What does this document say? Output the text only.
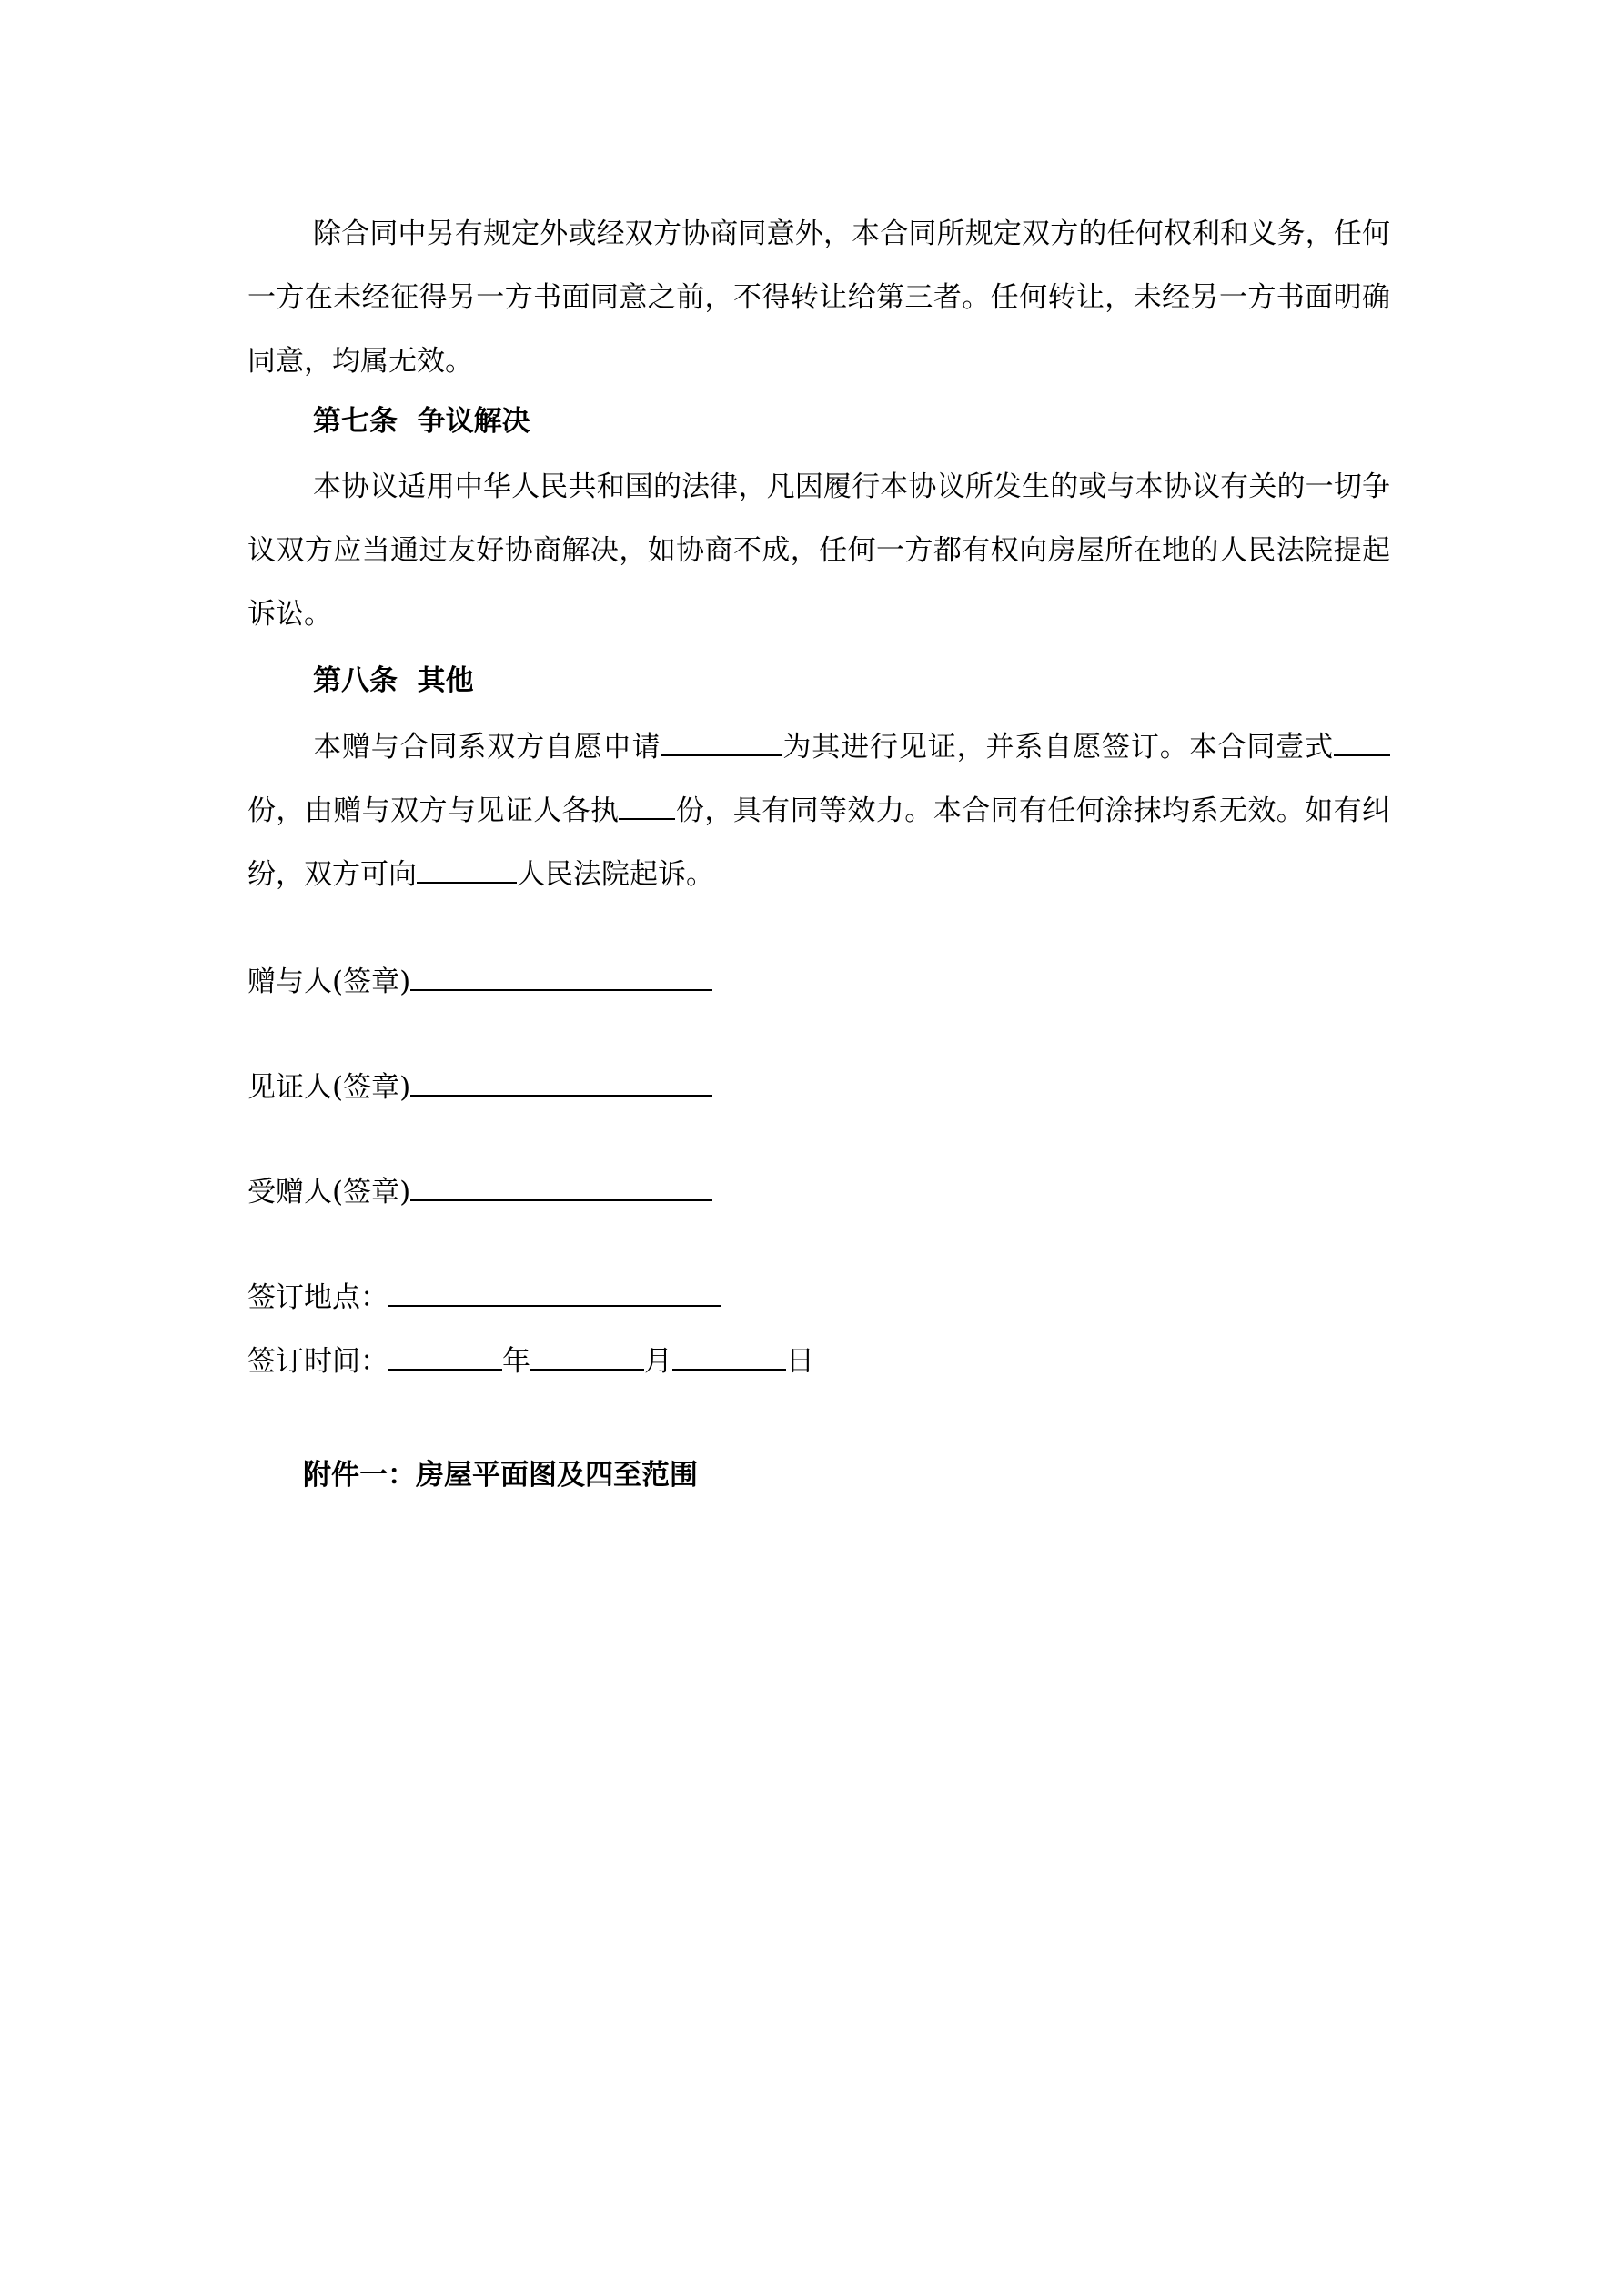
除合同中另有规定外或经双方协商同意外，本合同所规定双方的任何权利和义务，任何一方在未经征得另一方书面同意之前，不得转让给第三者。任何转让，未经另一方书面明确同意，均属无效。

第七条  争议解决

本协议适用中华人民共和国的法律，凡因履行本协议所发生的或与本协议有关的一切争议双方应当通过友好协商解决，如协商不成，任何一方都有权向房屋所在地的人民法院提起诉讼。

第八条  其他

本赠与合同系双方自愿申请	为其进行见证，并系自愿签订。本合同壹式份，由赠与双方与见证人各执 份，具有同等效力。本合同有任何涂抹均系无效。如有纠纷，双方可向	人民法院起诉。

赠与人(签章)
见证人(签章)
受赠人(签章)
签订地点：
签订时间：	年	月	日
附件一：房屋平面图及四至范围
